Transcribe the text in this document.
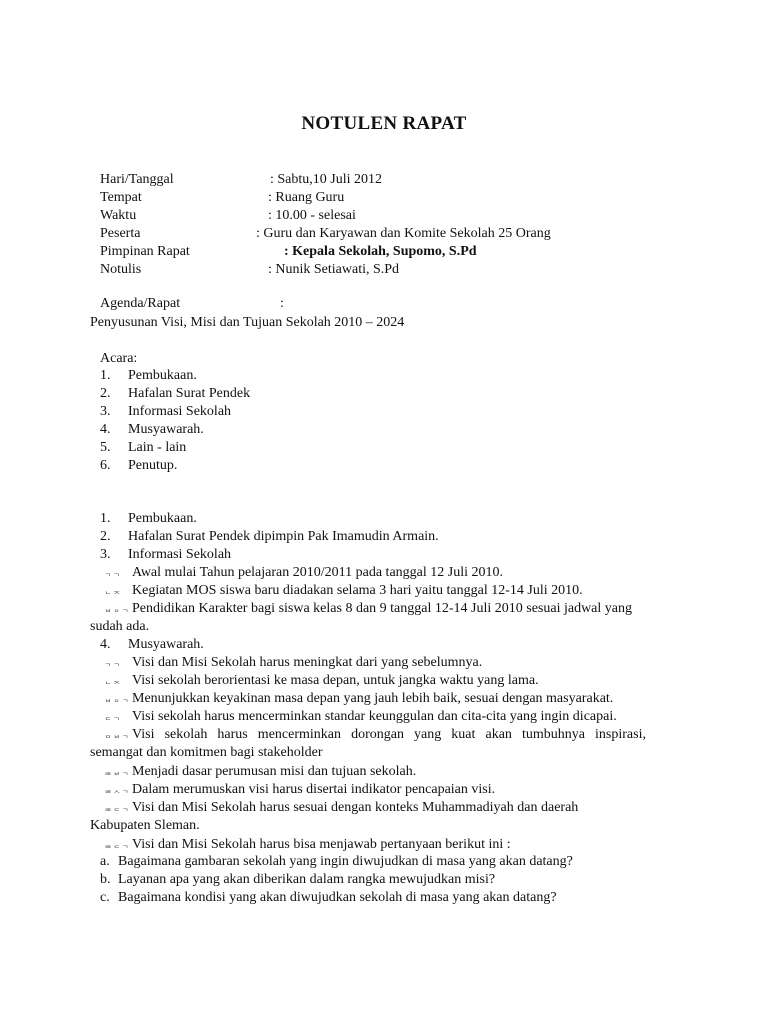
NOTULEN RAPAT
Hari/Tanggal	: Sabtu,10 Juli 2012
Tempat	: Ruang Guru
Waktu	: 10.00 - selesai
Peserta	: Guru dan Karyawan dan Komite Sekolah 25 Orang
Pimpinan Rapat	: Kepala Sekolah, Supomo, S.Pd
Notulis	: Nunik Setiawati, S.Pd
Agenda/Rapat	:
Penyusunan Visi, Misi dan Tujuan Sekolah 2010 – 2024
Acara:
1. Pembukaan.
2. Hafalan Surat Pendek
3. Informasi Sekolah
4. Musyawarah.
5. Lain - lain
6. Penutup.
1. Pembukaan.
2. Hafalan Surat Pendek dipimpin Pak Imamudin Armain.
3. Informasi Sekolah
ᆨᆨ Awal mulai Tahun pelajaran 2010/2011 pada tanggal 12 Juli 2010.
ᆫᆽ Kegiatan MOS siswa baru diadakan selama 3 hari yaitu tanggal 12-14 Juli 2010.
ᆸᆼᆨ Pendidikan Karakter bagi siswa kelas 8 dan 9 tanggal 12-14 Juli 2010 sesuai jadwal yang
sudah ada.
4. Musyawarah.
ᆨᆨ Visi dan Misi Sekolah harus meningkat dari yang sebelumnya.
ᆫᆽ Visi sekolah berorientasi ke masa depan, untuk jangka waktu yang lama.
ᆸᆼᆨ Menunjukkan keyakinan masa depan yang jauh lebih baik, sesuai dengan masyarakat.
ᆮᆨ Visi sekolah harus mencerminkan standar keunggulan dan cita-cita yang ingin dicapai.
ᆷᆸᆨ Visi sekolah harus mencerminkan dorongan yang kuat akan tumbuhnya inspirasi,
semangat dan komitmen bagi stakeholder
ᆲᆸᆨ Menjadi dasar perumusan misi dan tujuan sekolah.
ᆲᆺᆨ Dalam merumuskan visi harus disertai indikator pencapaian visi.
ᆲᆮᆨ Visi dan Misi Sekolah harus sesuai dengan konteks Muhammadiyah dan daerah
Kabupaten Sleman.
ᆲᆮᆨ Visi dan Misi Sekolah harus bisa menjawab pertanyaan berikut ini :
a. Bagaimana gambaran sekolah yang ingin diwujudkan di masa yang akan datang?
b. Layanan apa yang akan diberikan dalam rangka mewujudkan misi?
c. Bagaimana kondisi yang akan diwujudkan sekolah di masa yang akan datang?
